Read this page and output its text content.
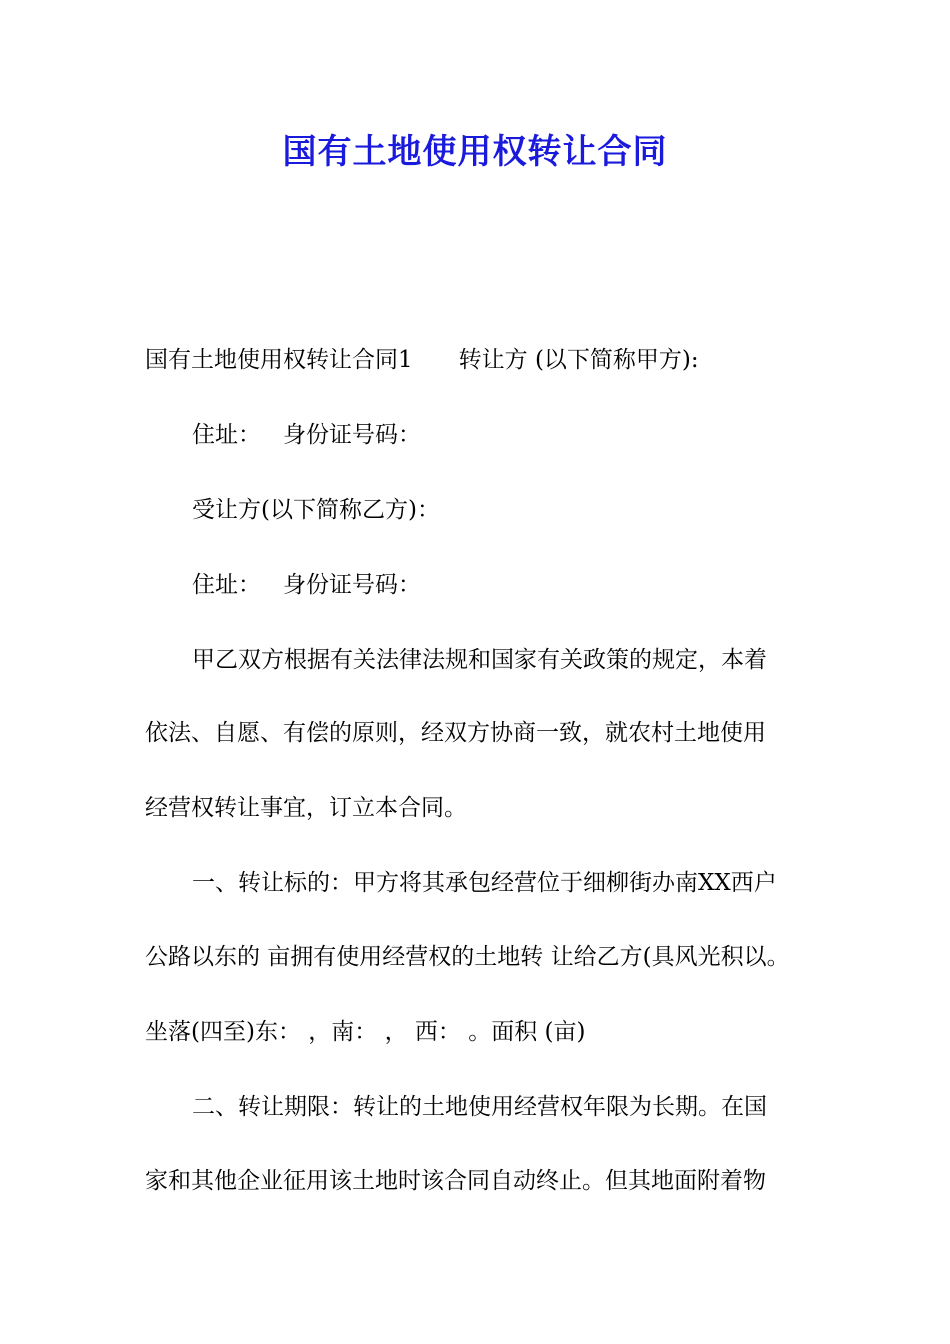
国有土地使用权转让合同

国有土地使用权转让合同1 转让方 (以下简称甲方):

住址： 身份证号码：

受让方(以下简称乙方)：

住址： 身份证号码：

甲乙双方根据有关法律法规和国家有关政策的规定，本着

依法、自愿、有偿的原则，经双方协商一致，就农村土地使用

经营权转让事宜，订立本合同。

一、转让标的：甲方将其承包经营位于细柳街办南XX西户

公路以东的 亩拥有使用经营权的土地转 让给乙方(具风光积以。

坐落(四至)东： ，南： ， 西： 。面积 (亩)

二、转让期限：转让的土地使用经营权年限为长期。在国

家和其他企业征用该土地时该合同自动终止。但其地面附着物
